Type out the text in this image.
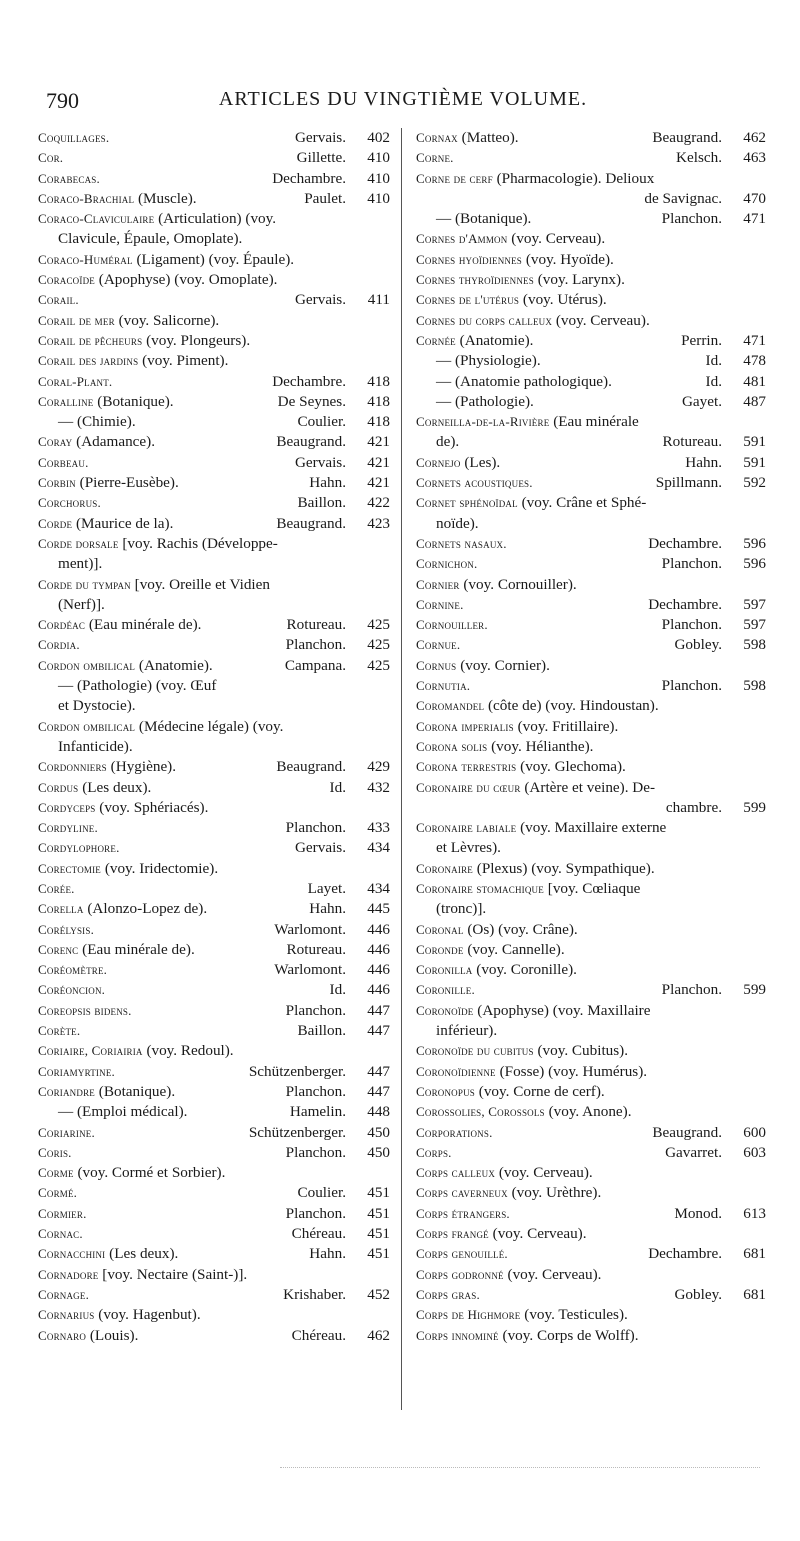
790	ARTICLES DU VINGTIÈME VOLUME.
Coquillages.	Gervais.	402
Cor.	Gillette.	410
Corabecas.	Dechambre.	410
Coraco-Brachial (Muscle).	Paulet.	410
Coraco-Claviculaire (Articulation) (voy.
Clavicule, Épaule, Omoplate).
Coraco-Huméral (Ligament) (voy. Épaule).
Coracoïde (Apophyse) (voy. Omoplate).
Corail.	Gervais.	411
Corail de mer (voy. Salicorne).
Corail de pêcheurs (voy. Plongeurs).
Corail des jardins (voy. Piment).
Coral-Plant.	Dechambre.	418
Coralline (Botanique).	De Seynes.	418
— (Chimie).	Coulier.	418
Coray (Adamance).	Beaugrand.	421
Corbeau.	Gervais.	421
Corbin (Pierre-Eusèbe).	Hahn.	421
Corchorus.	Baillon.	422
Corde (Maurice de la).	Beaugrand.	423
Corde dorsale [voy. Rachis (Développe-
ment)].
Corde du tympan [voy. Oreille et Vidien
(Nerf)].
Cordéac (Eau minérale de).	Rotureau.	425
Cordia.	Planchon.	425
Cordon ombilical (Anatomie).	Campana.	425
— (Pathologie) (voy. Œuf
et Dystocie).
Cordon ombilical (Médecine légale) (voy.
Infanticide).
Cordonniers (Hygiène).	Beaugrand.	429
Cordus (Les deux).	Id.	432
Cordyceps (voy. Sphériacés).
Cordyline.	Planchon.	433
Cordylophore.	Gervais.	434
Corectomie (voy. Iridectomie).
Corée.	Layet.	434
Corella (Alonzo-Lopez de).	Hahn.	445
Corélysis.	Warlomont.	446
Corenc (Eau minérale de).	Rotureau.	446
Coréomètre.	Warlomont.	446
Coréoncion.	Id.	446
Coreopsis bidens.	Planchon.	447
Corète.	Baillon.	447
Coriaire, Coriairia (voy. Redoul).
Coriamyrtine.	Schützenberger.	447
Coriandre (Botanique).	Planchon.	447
— (Emploi médical).	Hamelin.	448
Coriarine.	Schützenberger.	450
Coris.	Planchon.	450
Corme (voy. Cormé et Sorbier).
Cormé.	Coulier.	451
Cormier.	Planchon.	451
Cornac.	Chéreau.	451
Cornacchini (Les deux).	Hahn.	451
Cornadore [voy. Nectaire (Saint-)].
Cornage.	Krishaber.	452
Cornarius (voy. Hagenbut).
Cornaro (Louis).	Chéreau.	462
Cornax (Matteo).	Beaugrand.	462
Corne.	Kelsch.	463
Corne de cerf (Pharmacologie). Delioux
de Savignac.	470
— (Botanique).	Planchon.	471
Cornes d'Ammon (voy. Cerveau).
Cornes hyoïdiennes (voy. Hyoïde).
Cornes thyroïdiennes (voy. Larynx).
Cornes de l'utérus (voy. Utérus).
Cornes du corps calleux (voy. Cerveau).
Cornée (Anatomie).	Perrin.	471
— (Physiologie).	Id.	478
— (Anatomie pathologique).	Id.	481
— (Pathologie).	Gayet.	487
Corneilla-de-la-Rivière (Eau minérale
de).	Rotureau.	591
Cornejo (Les).	Hahn.	591
Cornets acoustiques.	Spillmann.	592
Cornet sphénoïdal (voy. Crâne et Sphé-
noïde).
Cornets nasaux.	Dechambre.	596
Cornichon.	Planchon.	596
Cornier (voy. Cornouiller).
Cornine.	Dechambre.	597
Cornouiller.	Planchon.	597
Cornue.	Gobley.	598
Cornus (voy. Cornier).
Cornutia.	Planchon.	598
Coromandel (côte de) (voy. Hindoustan).
Corona imperialis (voy. Fritillaire).
Corona solis (voy. Hélianthe).
Corona terrestris (voy. Glechoma).
Coronaire du cœur (Artère et veine). De-
chambre.	599
Coronaire labiale (voy. Maxillaire externe
et Lèvres).
Coronaire (Plexus) (voy. Sympathique).
Coronaire stomachique [voy. Cœliaque
(tronc)].
Coronal (Os) (voy. Crâne).
Coronde (voy. Cannelle).
Coronilla (voy. Coronille).
Coronille.	Planchon.	599
Coronoïde (Apophyse) (voy. Maxillaire
inférieur).
Coronoïde du cubitus (voy. Cubitus).
Coronoïdienne (Fosse) (voy. Humérus).
Coronopus (voy. Corne de cerf).
Corossolies, Corossols (voy. Anone).
Corporations.	Beaugrand.	600
Corps.	Gavarret.	603
Corps calleux (voy. Cerveau).
Corps caverneux (voy. Urèthre).
Corps étrangers.	Monod.	613
Corps frangé (voy. Cerveau).
Corps genouillé.	Dechambre.	681
Corps godronné (voy. Cerveau).
Corps gras.	Gobley.	681
Corps de Highmore (voy. Testicules).
Corps innominé (voy. Corps de Wolff).
